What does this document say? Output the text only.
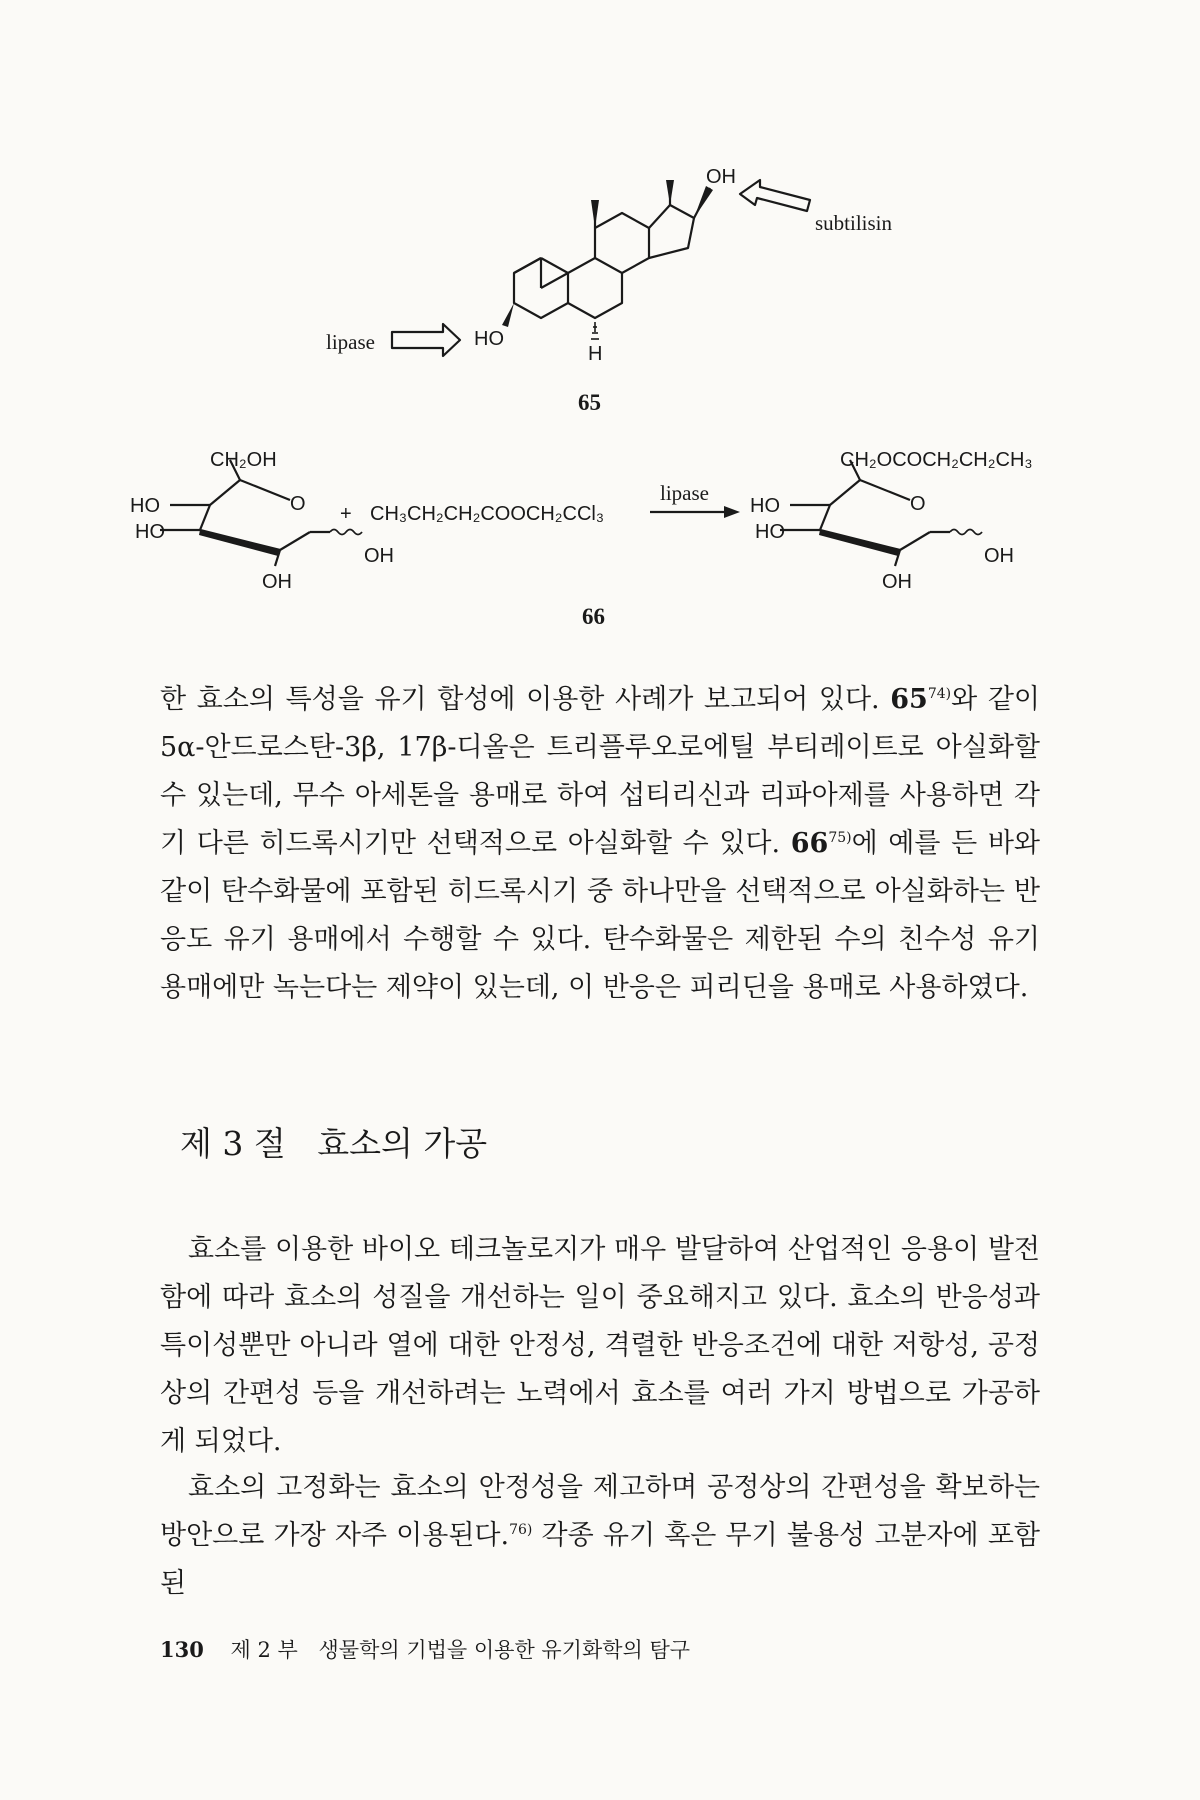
OH
subtilisin
lipase	HO
H
65
CH₂OH
O
HO
HO
OH
OH
+ CH₃CH₂CH₂COOCH₂CCl₃
lipase
CH₂OCOCH₂CH₂CH₃
O
HO
HO
OH
OH
66

한 효소의 특성을 유기 합성에 이용한 사례가 보고되어 있다. 65$^{74)}$와 같이 5α-안드로스탄-3β, 17β-디올은 트리플루오로에틸 부티레이트로 아실화할 수 있는데, 무수 아세톤을 용매로 하여 섭티리신과 리파아제를 사용하면 각기 다른 히드록시기만 선택적으로 아실화할 수 있다. 66$^{75)}$에 예를 든 바와 같이 탄수화물에 포함된 히드록시기 중 하나만을 선택적으로 아실화하는 반응도 유기 용매에서 수행할 수 있다. 탄수화물은 제한된 수의 친수성 유기 용매에만 녹는다는 제약이 있는데, 이 반응은 피리딘을 용매로 사용하였다.

제 3 절   효소의 가공

효소를 이용한 바이오 테크놀로지가 매우 발달하여 산업적인 응용이 발전함에 따라 효소의 성질을 개선하는 일이 중요해지고 있다. 효소의 반응성과 특이성뿐만 아니라 열에 대한 안정성, 격렬한 반응조건에 대한 저항성, 공정상의 간편성 등을 개선하려는 노력에서 효소를 여러 가지 방법으로 가공하게 되었다.

효소의 고정화는 효소의 안정성을 제고하며 공정상의 간편성을 확보하는 방안으로 가장 자주 이용된다.$^{76)}$ 각종 유기 혹은 무기 불용성 고분자에 포함된

130 제 2 부 생물학의 기법을 이용한 유기화학의 탐구
